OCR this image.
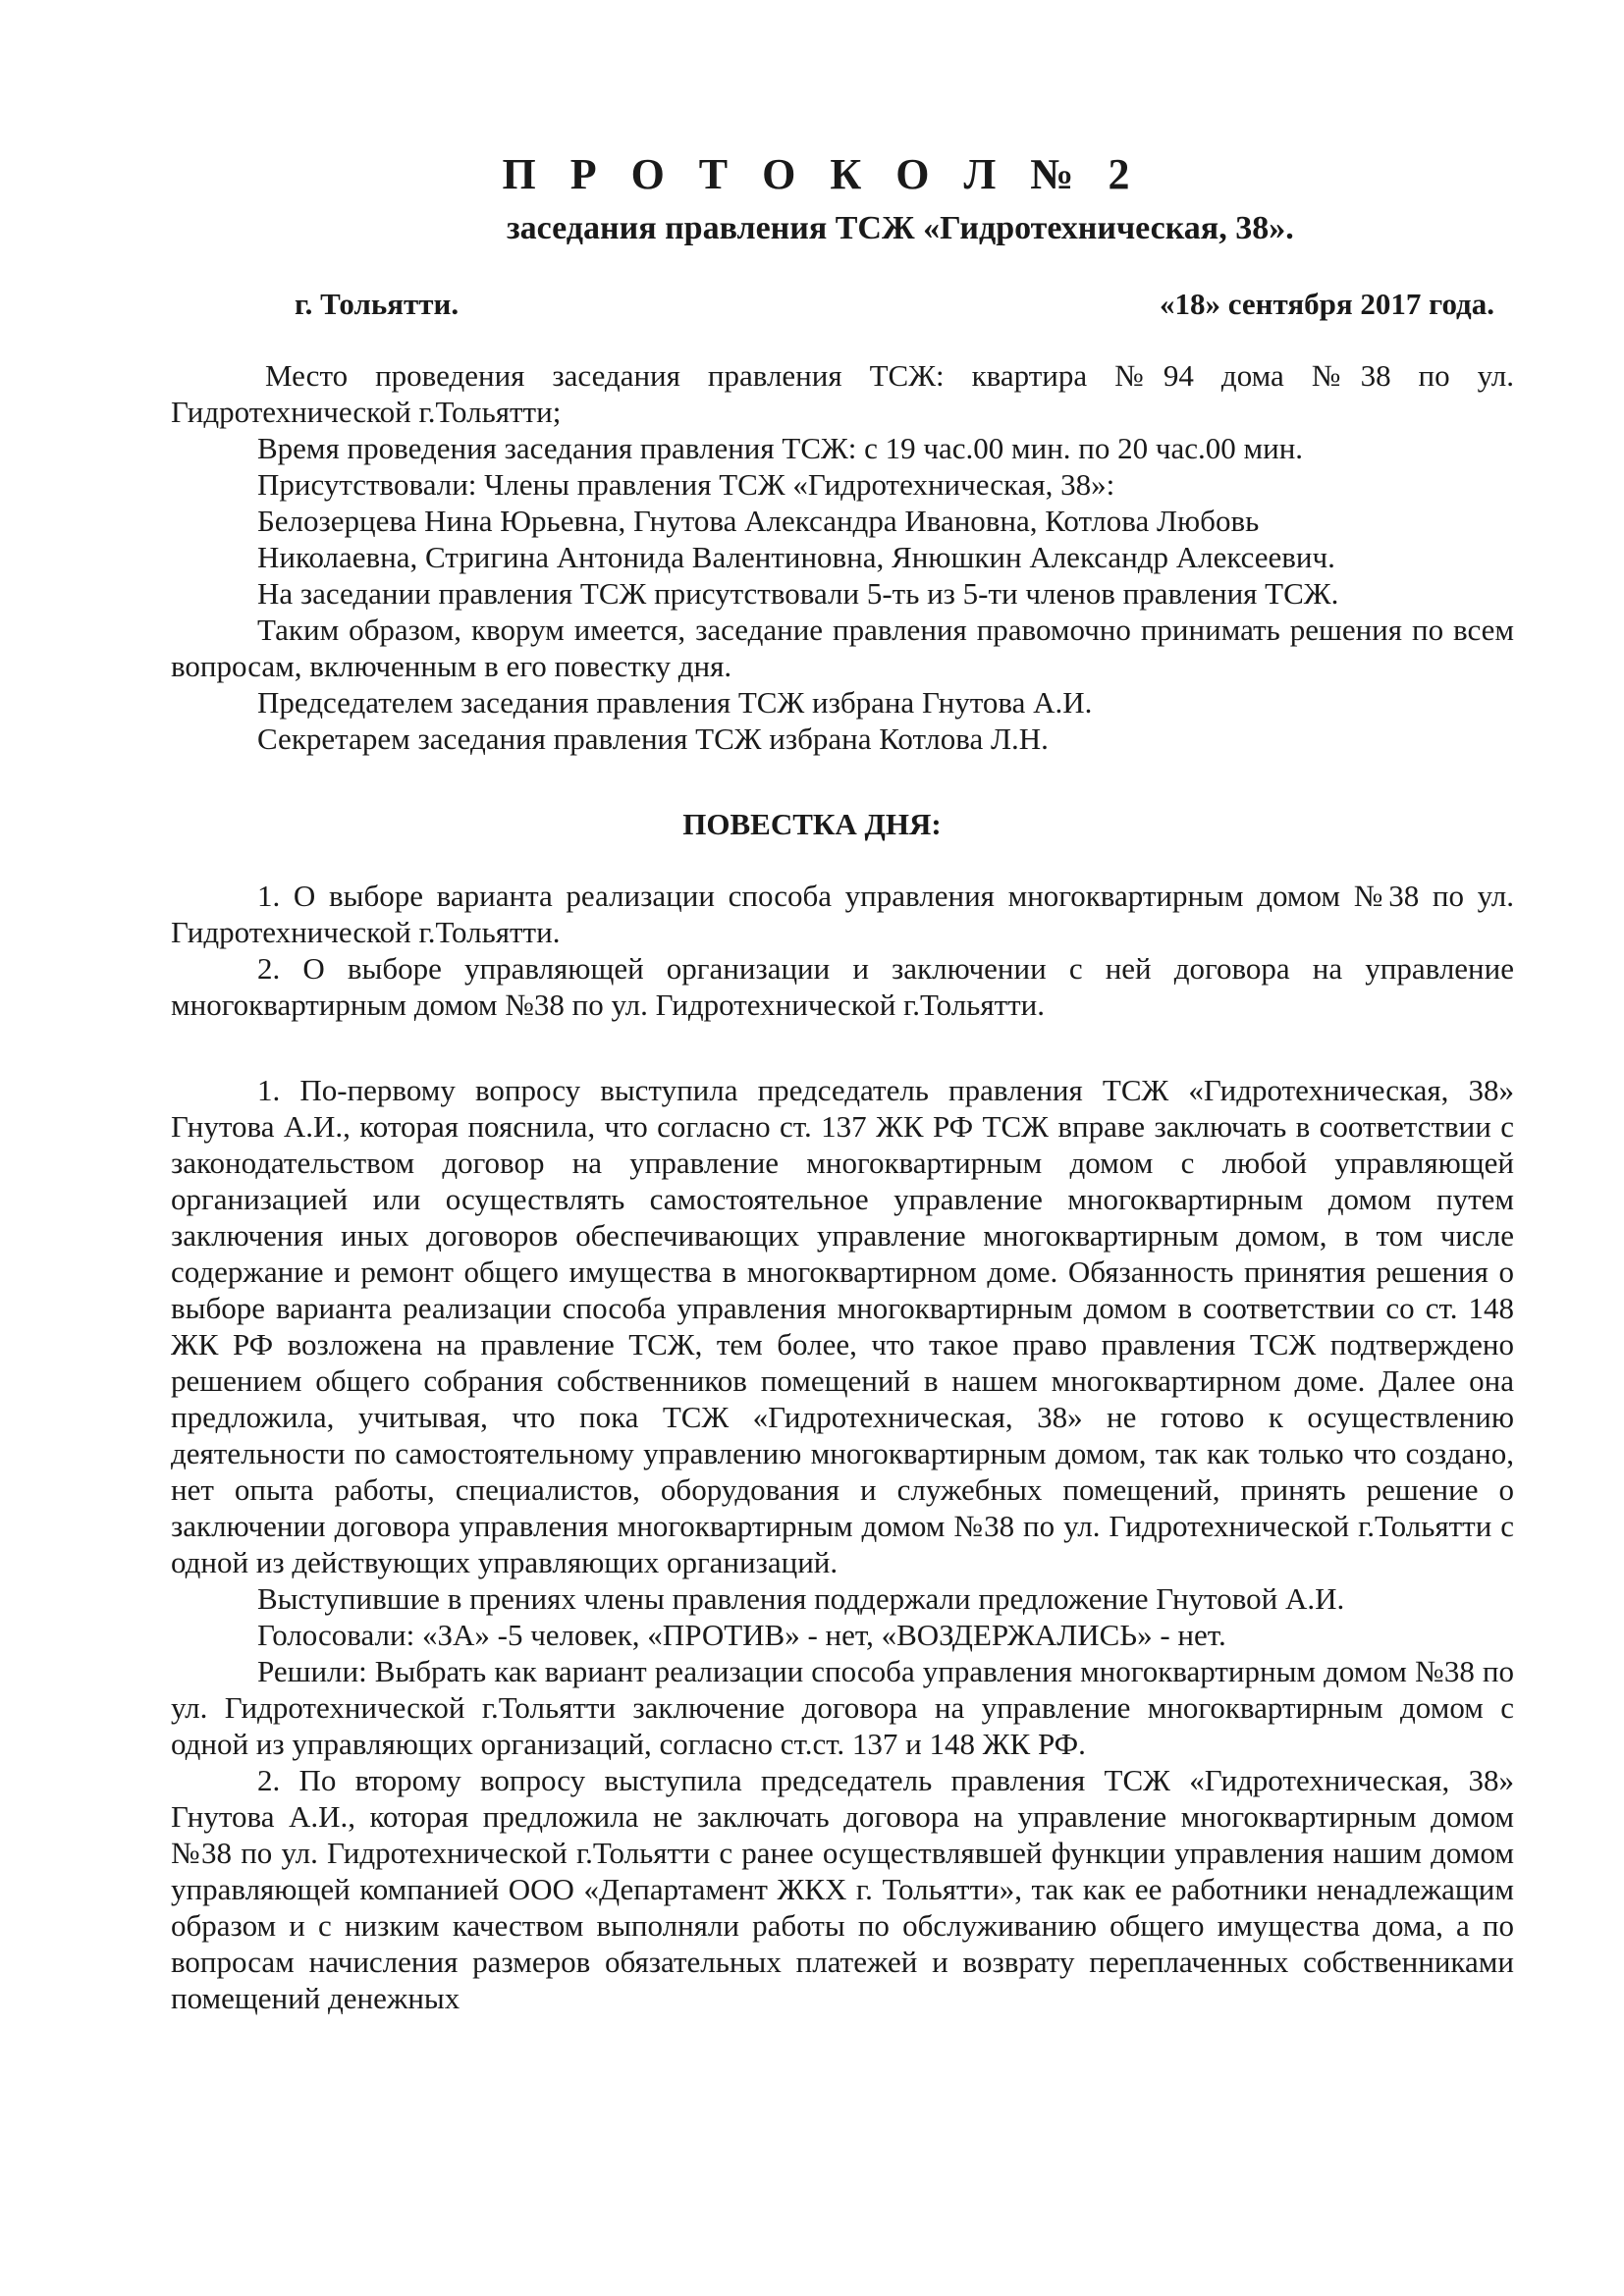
П Р О Т О К О Л № 2
заседания правления ТСЖ «Гидротехническая, 38».
г. Тольятти.	«18» сентября 2017 года.

Место проведения заседания правления ТСЖ: квартира №94 дома №38 по ул. Гидротехнической г.Тольятти;

Время проведения заседания правления ТСЖ: с 19 час.00 мин. по 20 час.00 мин.

Присутствовали: Члены правления ТСЖ «Гидротехническая, 38»:

Белозерцева Нина Юрьевна, Гнутова Александра Ивановна, Котлова Любовь

Николаевна, Стригина Антонида Валентиновна, Янюшкин Александр Алексеевич.

На заседании правления ТСЖ присутствовали 5-ть из 5-ти членов правления ТСЖ.

Таким образом, кворум имеется, заседание правления правомочно принимать решения по всем вопросам, включенным в его повестку дня.

Председателем заседания правления ТСЖ избрана Гнутова А.И.

Секретарем заседания правления ТСЖ избрана Котлова Л.Н.

ПОВЕСТКА ДНЯ:

1. О выборе варианта реализации способа управления многоквартирным домом №38 по ул. Гидротехнической г.Тольятти.

2. О выборе управляющей организации и заключении с ней договора на управление многоквартирным домом №38 по ул. Гидротехнической г.Тольятти.

1. По-первому вопросу выступила председатель правления ТСЖ «Гидротехническая, 38» Гнутова А.И., которая пояснила, что согласно ст. 137 ЖК РФ ТСЖ вправе заключать в соответствии с законодательством договор на управление многоквартирным домом с любой управляющей организацией или осуществлять самостоятельное управление многоквартирным домом путем заключения иных договоров обеспечивающих управление многоквартирным домом, в том числе содержание и ремонт общего имущества в многоквартирном доме. Обязанность принятия решения о выборе варианта реализации способа управления многоквартирным домом в соответствии со ст. 148 ЖК РФ возложена на правление ТСЖ, тем более, что такое право правления ТСЖ подтверждено решением общего собрания собственников помещений в нашем многоквартирном доме. Далее она предложила, учитывая, что пока ТСЖ «Гидротехническая, 38» не готово к осуществлению деятельности по самостоятельному управлению многоквартирным домом, так как только что создано, нет опыта работы, специалистов, оборудования и служебных помещений, принять решение о заключении договора управления многоквартирным домом №38 по ул. Гидротехнической г.Тольятти с одной из действующих управляющих организаций.

Выступившие в прениях члены правления поддержали предложение Гнутовой А.И.

Голосовали: «ЗА» -5 человек, «ПРОТИВ» - нет, «ВОЗДЕРЖАЛИСЬ» - нет.

Решили: Выбрать как вариант реализации способа управления многоквартирным домом №38 по ул. Гидротехнической г.Тольятти заключение договора на управление многоквартирным домом с одной из управляющих организаций, согласно ст.ст. 137 и 148 ЖК РФ.

2. По второму вопросу выступила председатель правления ТСЖ «Гидротехническая, 38» Гнутова А.И., которая предложила не заключать договора на управление многоквартирным домом №38 по ул. Гидротехнической г.Тольятти с ранее осуществлявшей функции управления нашим домом управляющей компанией ООО «Департамент ЖКХ г. Тольятти», так как ее работники ненадлежащим образом и с низким качеством выполняли работы по обслуживанию общего имущества дома, а по вопросам начисления размеров обязательных платежей и возврату переплаченных собственниками помещений денежных
